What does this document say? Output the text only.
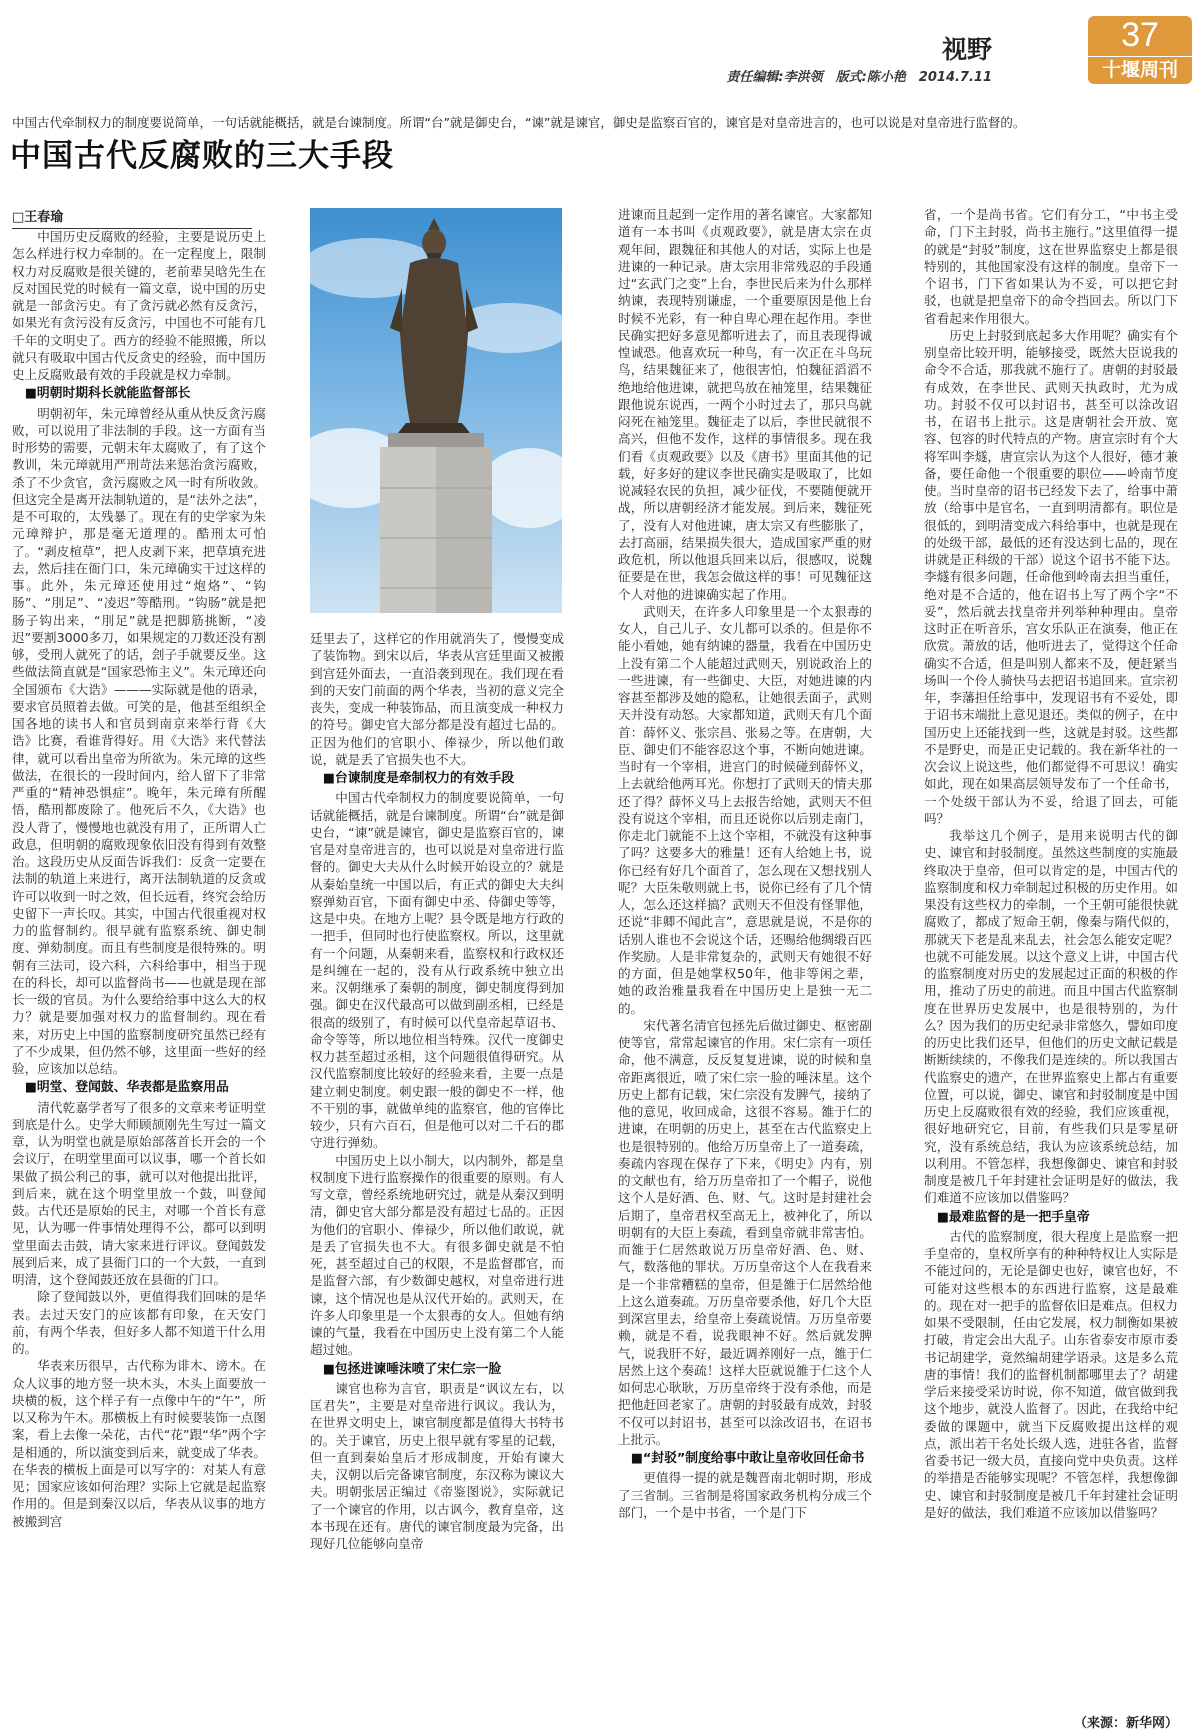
视野
责任编辑:李洪领　版式:陈小艳　2014.7.11
37
十堰周刊
中国古代牵制权力的制度要说简单，一句话就能概括，就是台谏制度。所谓“台”就是御史台，“谏”就是谏官，御史是监察百官的，谏官是对皇帝进言的，也可以说是对皇帝进行监督的。
中国古代反腐败的三大手段
□王春瑜

中国历史反腐败的经验，主要是说历史上怎么样进行权力牵制的。在一定程度上，限制权力对反腐败是很关键的，老前辈吴晗先生在反对国民党的时候有一篇文章，说中国的历史就是一部贪污史。有了贪污就必然有反贪污，如果光有贪污没有反贪污，中国也不可能有几千年的文明史了。西方的经验不能照搬，所以就只有吸取中国古代反贪史的经验，而中国历史上反腐败最有效的手段就是权力牵制。

■明朝时期科长就能监督部长

明朝初年，朱元璋曾经从重从快反贪污腐败，可以说用了非法制的手段。这一方面有当时形势的需要，元朝末年太腐败了，有了这个教训，朱元璋就用严刑苛法来惩治贪污腐败，杀了不少贪官，贪污腐败之风一时有所收敛。但这完全是离开法制轨道的，是“法外之法”，是不可取的，太残暴了。现在有的史学家为朱元璋辩护，那是毫无道理的。酷刑太可怕了。“剥皮楦草”，把人皮剥下来，把草填充进去，然后挂在衙门口，朱元璋确实干过这样的事。此外，朱元璋还使用过“炮烙”、“钩肠”、“刖足”、“凌迟”等酷刑。“钩肠”就是把肠子钩出来，“刖足”就是把脚筋挑断，“凌迟”要割3000多刀，如果规定的刀数还没有割够，受刑人就死了的话，刽子手就要反坐。这些做法简直就是“国家恐怖主义”。朱元璋还向全国颁布《大诰》———实际就是他的语录，要求官员照着去做。可笑的是，他甚至组织全国各地的读书人和官员到南京来举行背《大诰》比赛，看谁背得好。用《大诰》来代替法律，就可以看出皇帝为所欲为。朱元璋的这些做法，在很长的一段时间内，给人留下了非常严重的“精神恐惧症”。晚年，朱元璋有所醒悟，酷刑都废除了。他死后不久，《大诰》也没人背了，慢慢地也就没有用了，正所谓人亡政息，但明朝的腐败现象依旧没有得到有效整治。这段历史从反面告诉我们：反贪一定要在法制的轨道上来进行，离开法制轨道的反贪或许可以收到一时之效，但长远看，终究会给历史留下一声长叹。其实，中国古代很重视对权力的监督制约。很早就有监察系统、御史制度、弹劾制度。而且有些制度是很特殊的。明朝有三法司，设六科，六科给事中，相当于现在的科长，却可以监督尚书——也就是现在部长一级的官员。为什么要给给事中这么大的权力？就是要加强对权力的监督制约。现在看来，对历史上中国的监察制度研究虽然已经有了不少成果，但仍然不够，这里面一些好的经验，应该加以总结。

■明堂、登闻鼓、华表都是监察用品

清代乾嘉学者写了很多的文章来考证明堂到底是什么。史学大师顾颉刚先生写过一篇文章，认为明堂也就是原始部落首长开会的一个会议厅，在明堂里面可以议事，哪一个首长如果做了损公利己的事，就可以对他提出批评，到后来，就在这个明堂里放一个鼓，叫登闻鼓。古代还是原始的民主，对哪一个首长有意见，认为哪一件事情处理得不公，都可以到明堂里面去击鼓，请大家来进行评议。登闻鼓发展到后来，成了县衙门口的一个大鼓，一直到明清，这个登闻鼓还放在县衙的门口。

除了登闻鼓以外，更值得我们回味的是华表。去过天安门的应该都有印象，在天安门前，有两个华表，但好多人都不知道干什么用的。

华表来历很早，古代称为诽木、谤木。在众人议事的地方竖一块木头，木头上面要放一块横的板，这个样子有一点像中午的“午”，所以又称为午木。那横板上有时候要装饰一点图案，看上去像一朵花，古代“花”跟“华”两个字是相通的，所以演变到后来，就变成了华表。在华表的横板上面是可以写字的：对某人有意见；国家应该如何治理？实际上它就是起监察作用的。但是到秦汉以后，华表从议事的地方被搬到宫

廷里去了，这样它的作用就消失了，慢慢变成了装饰物。到宋以后，华表从宫廷里面又被搬到宫廷外面去，一直沿袭到现在。我们现在看到的天安门前面的两个华表，当初的意义完全丧失，变成一种装饰品，而且演变成一种权力的符号。御史官大部分都是没有超过七品的。正因为他们的官职小、俸禄少，所以他们敢说，就是丢了官损失也不大。

■台谏制度是牵制权力的有效手段

中国古代牵制权力的制度要说简单，一句话就能概括，就是台谏制度。所谓“台”就是御史台，“谏”就是谏官，御史是监察百官的，谏官是对皇帝进言的，也可以说是对皇帝进行监督的。御史大夫从什么时候开始设立的？就是从秦始皇统一中国以后，有正式的御史大夫纠察弹劾百官，下面有御史中丞、侍御史等等，这是中央。在地方上呢？县令既是地方行政的一把手，但同时也行使监察权。所以，这里就有一个问题，从秦朝来看，监察权和行政权还是纠缠在一起的，没有从行政系统中独立出来。汉朝继承了秦朝的制度，御史制度得到加强。御史在汉代最高可以做到副丞相，已经是很高的级别了，有时候可以代皇帝起草诏书、命令等等，所以地位相当特殊。汉代一度御史权力甚至超过丞相，这个问题很值得研究。从汉代监察制度比较好的经验来看，主要一点是建立刺史制度。刺史跟一般的御史不一样，他不干别的事，就做单纯的监察官，他的官俸比较少，只有六百石，但是他可以对二千石的郡守进行弹劾。

中国历史上以小制大，以内制外，都是皇权制度下进行监察操作的很重要的原则。有人写文章，曾经系统地研究过，就是从秦汉到明清，御史官大部分都是没有超过七品的。正因为他们的官职小、俸禄少，所以他们敢说，就是丢了官损失也不大。有很多御史就是不怕死，甚至超过自己的权限，不是监督郡官，而是监督六部，有少数御史越权，对皇帝进行进谏，这个情况也是从汉代开始的。武则天，在许多人印象里是一个太狠毒的女人。但她有纳谏的气量，我看在中国历史上没有第二个人能超过她。

■包拯进谏唾沫喷了宋仁宗一脸

谏官也称为言官，职责是“讽议左右，以匡君失”，主要是对皇帝进行讽议。我认为，在世界文明史上，谏官制度都是值得大书特书的。关于谏官，历史上很早就有零星的记载，但一直到秦始皇后才形成制度，开始有谏大夫，汉朝以后完备谏官制度，东汉称为谏议大夫。明朝张居正编过《帝鉴图说》，实际就记了一个谏官的作用，以古讽今，教育皇帝，这本书现在还有。唐代的谏官制度最为完备，出现好几位能够向皇帝

进谏而且起到一定作用的著名谏官。大家都知道有一本书叫《贞观政要》，就是唐太宗在贞观年间，跟魏征和其他人的对话，实际上也是进谏的一种记录。唐太宗用非常残忍的手段通过“玄武门之变”上台，李世民后来为什么那样纳谏，表现特别谦虚，一个重要原因是他上台时候不光彩，有一种自卑心理在起作用。李世民确实把好多意见都听进去了，而且表现得诚惶诚恐。他喜欢玩一种鸟，有一次正在斗鸟玩鸟，结果魏征来了，他很害怕，怕魏征滔滔不绝地给他进谏，就把鸟放在袖笼里，结果魏征跟他说东说西，一两个小时过去了，那只鸟就闷死在袖笼里。魏征走了以后，李世民就很不高兴，但他不发作，这样的事情很多。现在我们看《贞观政要》以及《唐书》里面其他的记载，好多好的建议李世民确实是吸取了，比如说减轻农民的负担，减少征伐，不要随便就开战，所以唐朝经济才能发展。到后来，魏征死了，没有人对他进谏，唐太宗又有些膨胀了，去打高丽，结果损失很大，造成国家严重的财政危机，所以他退兵回来以后，很感叹，说魏征要是在世，我怎会做这样的事！可见魏征这个人对他的进谏确实起了作用。

武则天，在许多人印象里是一个太狠毒的女人，自己儿子、女儿都可以杀的。但是你不能小看她，她有纳谏的器量，我看在中国历史上没有第二个人能超过武则天，别说政治上的一些进谏，有一些御史、大臣，对她进谏的内容甚至都涉及她的隐私，让她很丢面子，武则天并没有动怒。大家都知道，武则天有几个面首：薛怀义、张宗昌、张易之等。在唐朝，大臣、御史们不能容忍这个事，不断向她进谏。当时有一个宰相，进宫门的时候碰到薛怀义，上去就给他两耳光。你想打了武则天的情夫那还了得？薛怀义马上去报告给她，武则天不但没有说这个宰相，而且还说你以后别走南门，你走北门就能不上这个宰相，不就没有这种事了吗？这要多大的雅量！还有人给她上书，说你已经有好几个面首了，怎么现在又想找别人呢？大臣朱敬则就上书，说你已经有了几个情人，怎么还这样搞？武则天不但没有怪罪他，还说“非卿不闻此言”，意思就是说，不是你的话别人谁也不会说这个话，还赐给他绸缎百匹作奖励。人是非常复杂的，武则天有她很不好的方面，但是她掌权50年，他非等闲之辈，她的政治雅量我看在中国历史上是独一无二的。

宋代著名清官包拯先后做过御史、枢密副使等官，常常起谏官的作用。宋仁宗有一项任命，他不满意，反反复复进谏，说的时候和皇帝距离很近，喷了宋仁宗一脸的唾沫星。这个历史上都有记载，宋仁宗没有发脾气，接纳了他的意见，收回成命，这很不容易。雒于仁的进谏，在明朝的历史上，甚至在古代监察史上也是很特别的。他给万历皇帝上了一道奏疏，奏疏内容现在保存了下来，《明史》内有，别的文献也有，给万历皇帝扣了一个帽子，说他这个人是好酒、色、财、气。这时是封建社会后期了，皇帝君权至高无上，被神化了，所以明朝有的大臣上奏疏，看到皇帝就非常害怕。而雒于仁居然敢说万历皇帝好酒、色、财、气，数落他的罪状。万历皇帝这个人在我看来是一个非常糟糕的皇帝，但是雒于仁居然给他上这么道奏疏。万历皇帝要杀他，好几个大臣到深宫里去，给皇帝上奏疏说情。万历皇帝要赖，就是不看，说我眼神不好。然后就发脾气，说我肝不好，最近调养刚好一点，雒于仁居然上这个奏疏！这样大臣就说雒于仁这个人如何忠心耿耿，万历皇帝终于没有杀他，而是把他赶回老家了。唐朝的封驳最有成效，封驳不仅可以封诏书，甚至可以涂改诏书，在诏书上批示。

■“封驳”制度给事中敢让皇帝收回任命书

更值得一提的就是魏晋南北朝时期，形成了三省制。三省制是将国家政务机构分成三个部门，一个是中书省，一个是门下

省，一个是尚书省。它们有分工，“中书主受命，门下主封驳，尚书主施行。”这里值得一提的就是“封驳”制度，这在世界监察史上都是很特别的，其他国家没有这样的制度。皇帝下一个诏书，门下省如果认为不妥，可以把它封驳，也就是把皇帝下的命令挡回去。所以门下省看起来作用很大。

历史上封驳到底起多大作用呢？确实有个别皇帝比较开明，能够接受，既然大臣说我的命令不合适，那我就不施行了。唐朝的封驳最有成效，在李世民、武则天执政时，尤为成功。封驳不仅可以封诏书，甚至可以涂改诏书，在诏书上批示。这是唐朝社会开放、宽容、包容的时代特点的产物。唐宣宗时有个大将军叫李燧，唐宣宗认为这个人很好，德才兼备，要任命他一个很重要的职位——岭南节度使。当时皇帝的诏书已经发下去了，给事中萧放（给事中是官名，一直到明清都有。职位是很低的，到明清变成六科给事中，也就是现在的处级干部，最低的还有没达到七品的，现在讲就是正科级的干部）说这个诏书不能下达。李燧有很多问题，任命他到岭南去担当重任，绝对是不合适的，他在诏书上写了两个字“不妥”，然后就去找皇帝并列举种种理由。皇帝这时正在听音乐，宫女乐队正在演奏，他正在欣赏。萧放的话，他听进去了，觉得这个任命确实不合适，但是叫别人都来不及，便赶紧当场叫一个伶人骑快马去把诏书追回来。宣宗初年，李藩担任给事中，发现诏书有不妥处，即于诏书末端批上意见退还。类似的例子，在中国历史上还能找到一些，这就是封驳。这些都不是野史，而是正史记载的。我在新华社的一次会议上说这些，他们都觉得不可思议！确实如此，现在如果高层领导发布了一个任命书，一个处级干部认为不妥，给退了回去，可能吗？

我举这几个例子，是用来说明古代的御史、谏官和封驳制度。虽然这些制度的实施最终取决于皇帝，但可以肯定的是，中国古代的监察制度和权力牵制起过积极的历史作用。如果没有这些权力的牵制，一个王朝可能很快就腐败了，都成了短命王朝，像秦与隋代似的，那就天下老是乱来乱去，社会怎么能安定呢？也就不可能发展。以这个意义上讲，中国古代的监察制度对历史的发展起过正面的积极的作用，推动了历史的前进。而且中国古代监察制度在世界历史发展中，也是很特别的，为什么？因为我们的历史纪录非常悠久，譬如印度的历史比我们还早，但他们的历史文献记载是断断续续的，不像我们是连续的。所以我国古代监察史的遗产，在世界监察史上都占有重要位置，可以说，御史、谏官和封驳制度是中国历史上反腐败很有效的经验，我们应该重视，很好地研究它，目前，有些我们只是零星研究，没有系统总结，我认为应该系统总结，加以利用。不管怎样，我想像御史、谏官和封驳制度是被几千年封建社会证明是好的做法，我们难道不应该加以借鉴吗？

■最难监督的是一把手皇帝

古代的监察制度，很大程度上是监察一把手皇帝的，皇权所享有的种种特权让人实际是不能过问的，无论是御史也好，谏官也好，不可能对这些根本的东西进行监察，这是最难的。现在对一把手的监督依旧是难点。但权力如果不受限制，任由它发展，权力制衡如果被打破，肯定会出大乱子。山东省泰安市原市委书记胡建学，竟然编胡建学语录。这是多么荒唐的事情！我们的监督机制都哪里去了？胡建学后来接受采访时说，你不知道，做官做到我这个地步，就没人监督了。因此，在我给中纪委做的课题中，就当下反腐败提出这样的观点，派出若干名处长级人选，进驻各省，监督省委书记一级大员，直接向党中央负责。这样的举措是否能够实现呢？不管怎样，我想像御史、谏官和封驳制度是被几千年封建社会证明是好的做法，我们难道不应该加以借鉴吗？

（来源：新华网）
